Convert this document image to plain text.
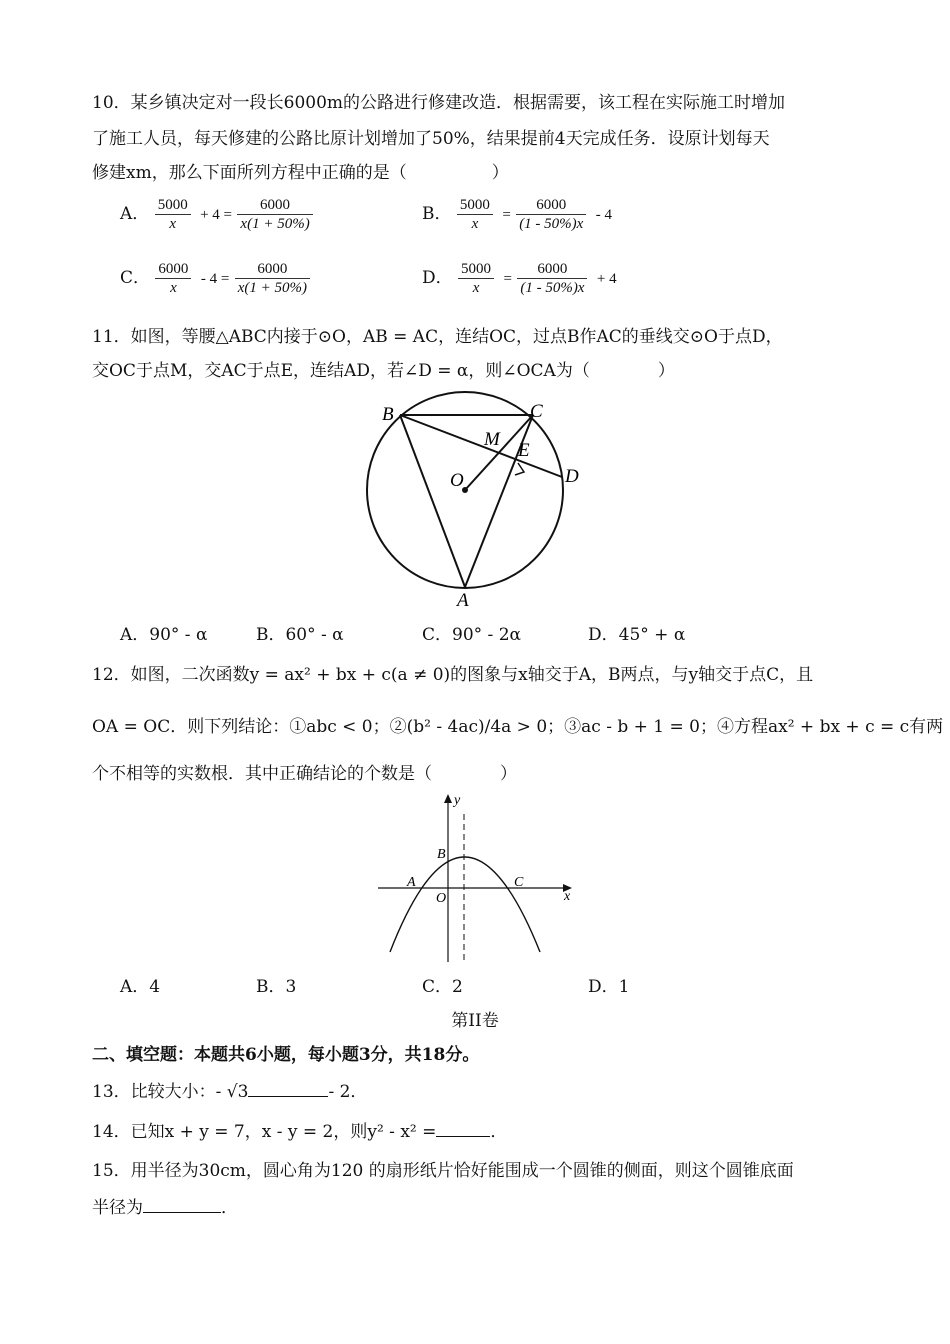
10．某乡镇决定对一段长6000m的公路进行修建改造．根据需要，该工程在实际施工时增加
了施工人员，每天修建的公路比原计划增加了50%，结果提前4天完成任务．设原计划每天
修建xm，那么下面所列方程中正确的是（　　　　　）
A． $\frac{5000}{x} + 4 = \frac{6000}{x(1 + 50\%)}$	B． $\frac{5000}{x} = \frac{6000}{(1 - 50\%)x} - 4$
C． $\frac{6000}{x} - 4 = \frac{6000}{x(1 + 50\%)}$	D． $\frac{5000}{x} = \frac{6000}{(1 - 50\%)x} + 4$
11．如图，等腰△ABC内接于⊙O，AB = AC，连结OC，过点B作AC的垂线交⊙O于点D，
交OC于点M，交AC于点E，连结AD，若∠D = α，则∠OCA为（　　　　）
B	C
M
E
O	D
A
A．90° - α	B．60° - α	C．90° - 2α	D．45° + α
12．如图，二次函数y = ax² + bx + c(a ≠ 0)的图象与x轴交于A，B两点，与y轴交于点C，且
OA = OC．则下列结论：①abc < 0；②(b² - 4ac)/4a > 0；③ac - b + 1 = 0；④方程ax² + bx + c = c有两
个不相等的实数根．其中正确结论的个数是（　　　　）
y
B
A	C
O	x
A．4	B．3	C．2	D．1
第II卷
二、填空题：本题共6小题，每小题3分，共18分。
13．比较大小：- √3	- 2．
14．已知x + y = 7，x - y = 2，则y² - x² =	．
15．用半径为30cm，圆心角为120 的扇形纸片恰好能围成一个圆锥的侧面，则这个圆锥底面
半径为	．
